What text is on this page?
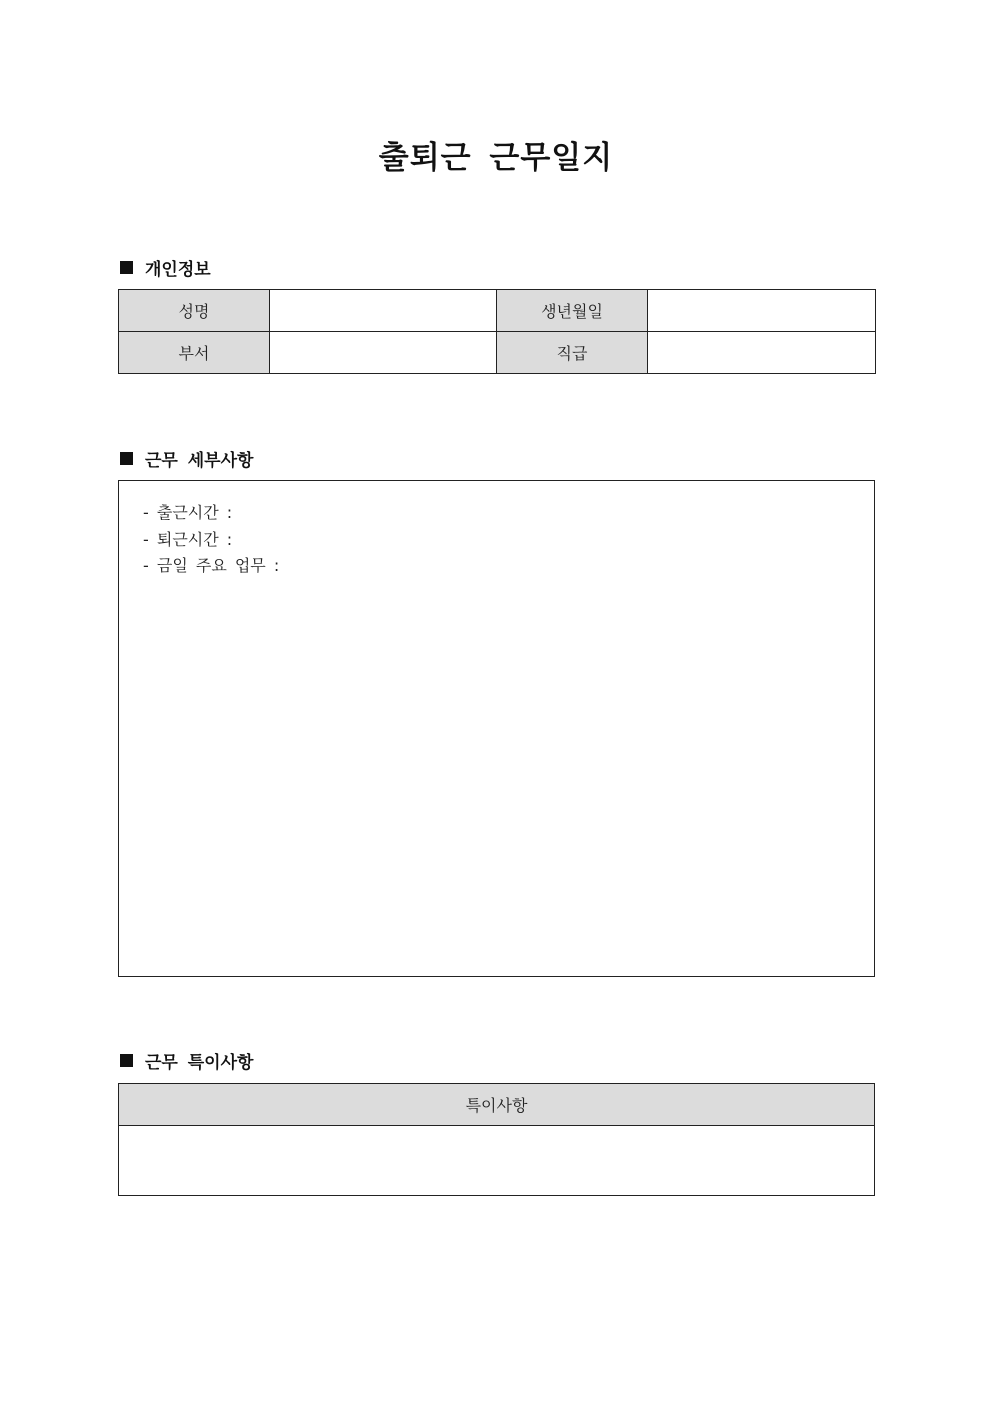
출퇴근 근무일지
개인정보
성명		생년월일	
부서		직급	
근무 세부사항
- 출근시간 :
- 퇴근시간 :
- 금일 주요 업무 :
근무 특이사항
특이사항
